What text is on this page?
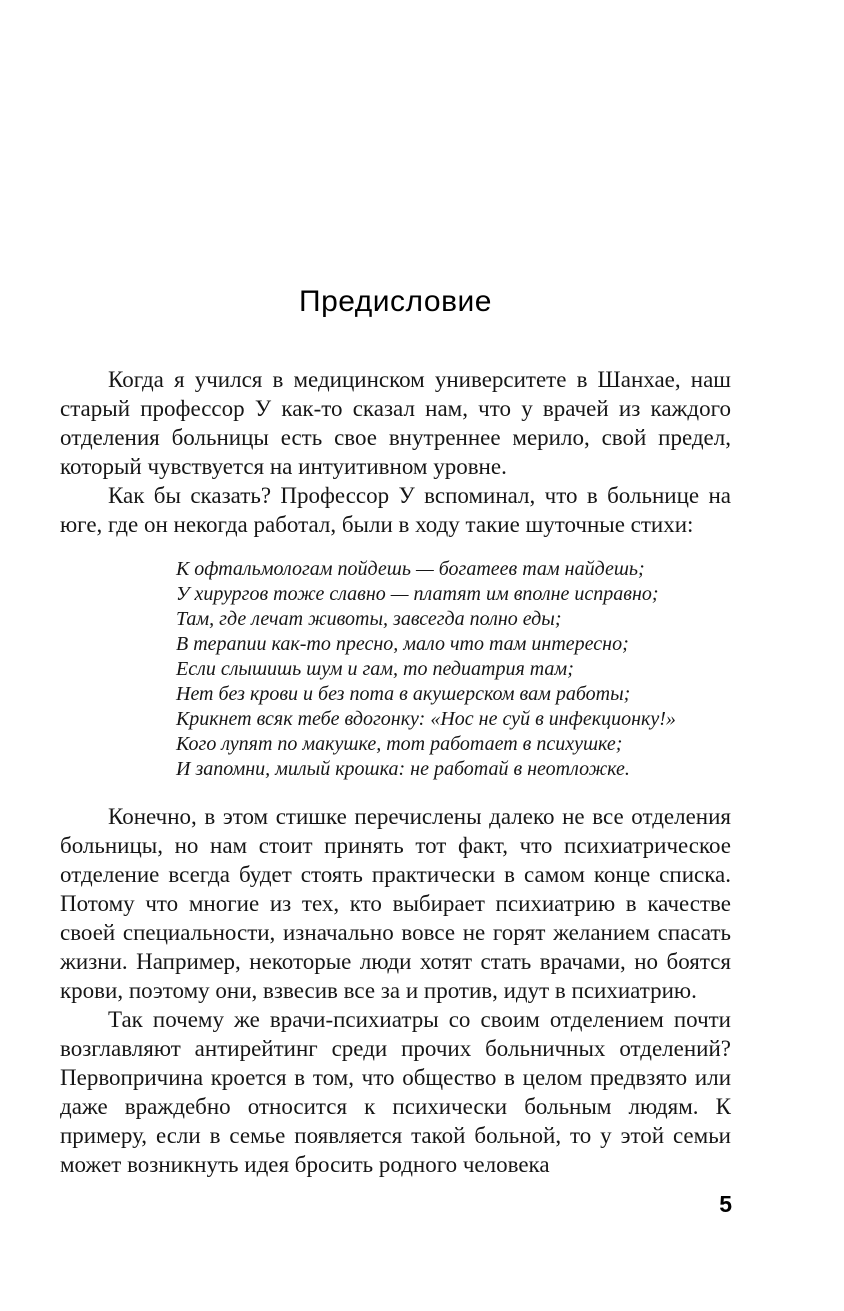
Предисловие

Когда я учился в медицинском университете в Шанхае, наш старый профессор У как-то сказал нам, что у врачей из каждого отделения больницы есть свое внутреннее мерило, свой предел, который чувствуется на интуитивном уровне.

Как бы сказать? Профессор У вспоминал, что в больнице на юге, где он некогда работал, были в ходу такие шуточные стихи:

К офтальмологам пойдешь — богатеев там найдешь;
У хирургов тоже славно — платят им вполне исправно;
Там, где лечат животы, завсегда полно еды;
В терапии как-то пресно, мало что там интересно;
Если слышишь шум и гам, то педиатрия там;
Нет без крови и без пота в акушерском вам работы;
Крикнет всяк тебе вдогонку: «Нос не суй в инфекционку!»
Кого лупят по макушке, тот работает в психушке;
И запомни, милый крошка: не работай в неотложке.

Конечно, в этом стишке перечислены далеко не все отделения больницы, но нам стоит принять тот факт, что психиатрическое отделение всегда будет стоять практически в самом конце списка. Потому что многие из тех, кто выбирает психиатрию в качестве своей специальности, изначально вовсе не горят желанием спасать жизни. Например, некоторые люди хотят стать врачами, но боятся крови, поэтому они, взвесив все за и против, идут в психиатрию.

Так почему же врачи-психиатры со своим отделением почти возглавляют антирейтинг среди прочих больничных отделений? Первопричина кроется в том, что общество в целом предвзято или даже враждебно относится к психически больным людям. К примеру, если в семье появляется такой больной, то у этой семьи может возникнуть идея бросить родного человека

5
